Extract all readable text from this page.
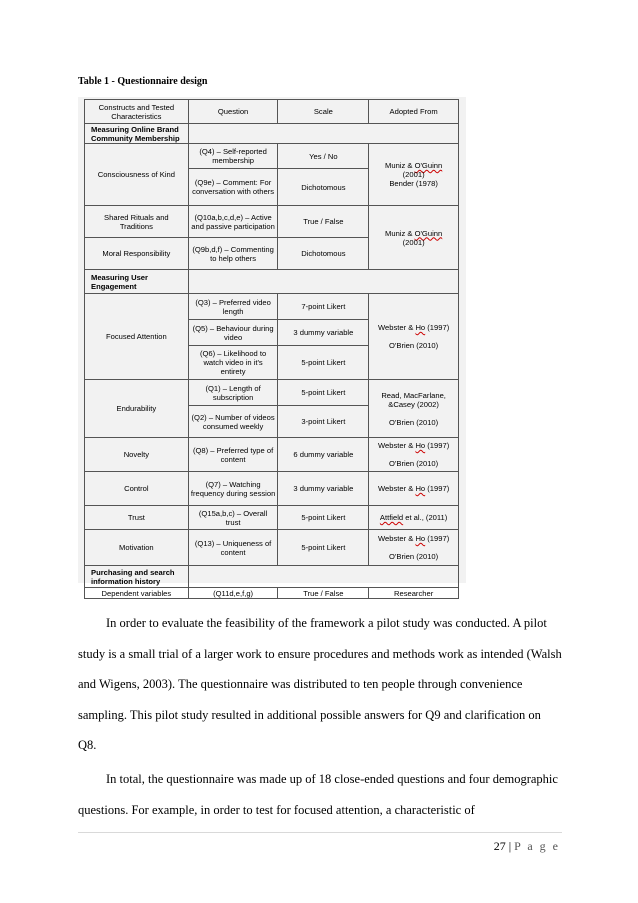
Table 1 - Questionnaire design
Constructs and Tested Characteristics	Question	Scale	Adopted From
Measuring Online Brand Community Membership			
Consciousness of Kind	(Q4) – Self-reported membership	Yes / No	Muniz & O'Guinn
(2001)
Bender (1978)
	(Q9e) – Comment: For conversation with others	Dichotomous	
Shared Rituals and Traditions	(Q10a,b,c,d,e) – Active and passive participation	True / False	Muniz & O'Guinn
(2001)
Moral Responsibility	(Q9b,d,f) – Commenting to help others	Dichotomous	
Measuring User Engagement			
Focused Attention	(Q3) – Preferred video length	7-point Likert	Webster & Ho (1997)

O'Brien (2010)
	(Q5) – Behaviour during video	3 dummy variable	
	(Q6) – Likelihood to watch video in it's entirety	5-point Likert	
Endurability	(Q1) – Length of subscription	5-point Likert	Read, MacFarlane,
&Casey (2002)

O'Brien (2010)
	(Q2) – Number of videos consumed weekly	3-point Likert	
Novelty	(Q8) – Preferred type of content	6 dummy variable	Webster & Ho (1997)

O'Brien (2010)
Control	(Q7) – Watching frequency during session	3 dummy variable	Webster & Ho (1997)
Trust	(Q15a,b,c) – Overall trust	5-point Likert	Attfield et al., (2011)
Motivation	(Q13) – Uniqueness of content	5-point Likert	Webster & Ho (1997)

O'Brien (2010)
Purchasing and search information history			
Dependent variables	(Q11d,e,f,g)	True / False	Researcher
In order to evaluate the feasibility of the framework a pilot study was conducted. A pilot study is a small trial of a larger work to ensure procedures and methods work as intended (Walsh and Wigens, 2003). The questionnaire was distributed to ten people through convenience sampling. This pilot study resulted in additional possible answers for Q9 and clarification on Q8.
In total, the questionnaire was made up of 18 close-ended questions and four demographic questions. For example, in order to test for focused attention, a characteristic of
27 | P a g e
